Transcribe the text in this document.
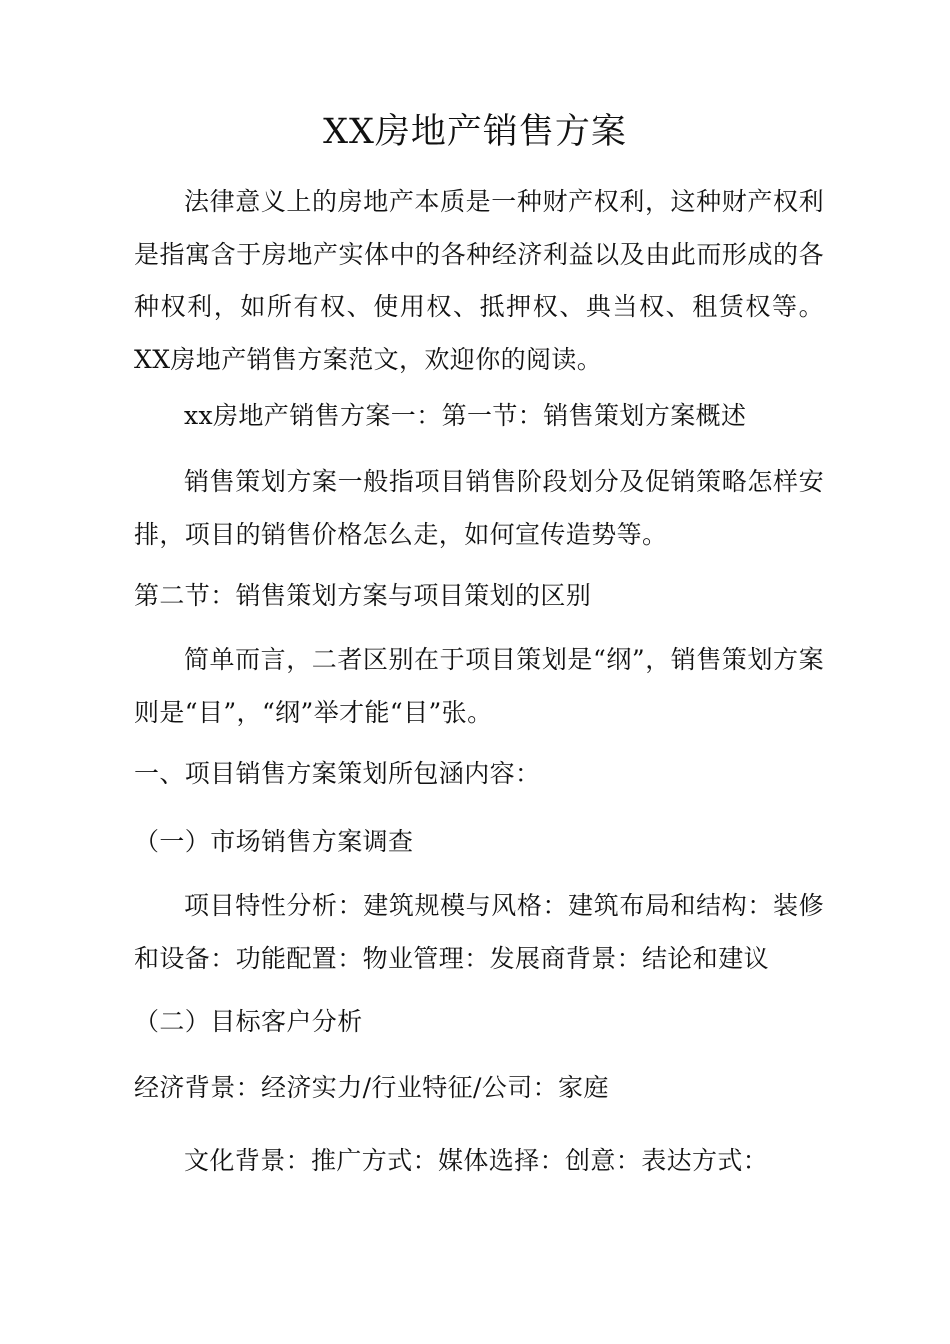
XX房地产销售方案

法律意义上的房地产本质是一种财产权利，这种财产权利是指寓含于房地产实体中的各种经济利益以及由此而形成的各种权利，如所有权、使用权、抵押权、典当权、租赁权等。XX房地产销售方案范文，欢迎你的阅读。

xx房地产销售方案一：第一节：销售策划方案概述

销售策划方案一般指项目销售阶段划分及促销策略怎样安排，项目的销售价格怎么走，如何宣传造势等。

第二节：销售策划方案与项目策划的区别

简单而言，二者区别在于项目策划是“纲”，销售策划方案则是“目”，“纲”举才能“目”张。

一、项目销售方案策划所包涵内容：

（一）市场销售方案调查

项目特性分析：建筑规模与风格：建筑布局和结构：装修和设备：功能配置：物业管理：发展商背景：结论和建议

（二）目标客户分析

经济背景：经济实力/行业特征/公司：家庭

文化背景：推广方式：媒体选择：创意：表达方式：
